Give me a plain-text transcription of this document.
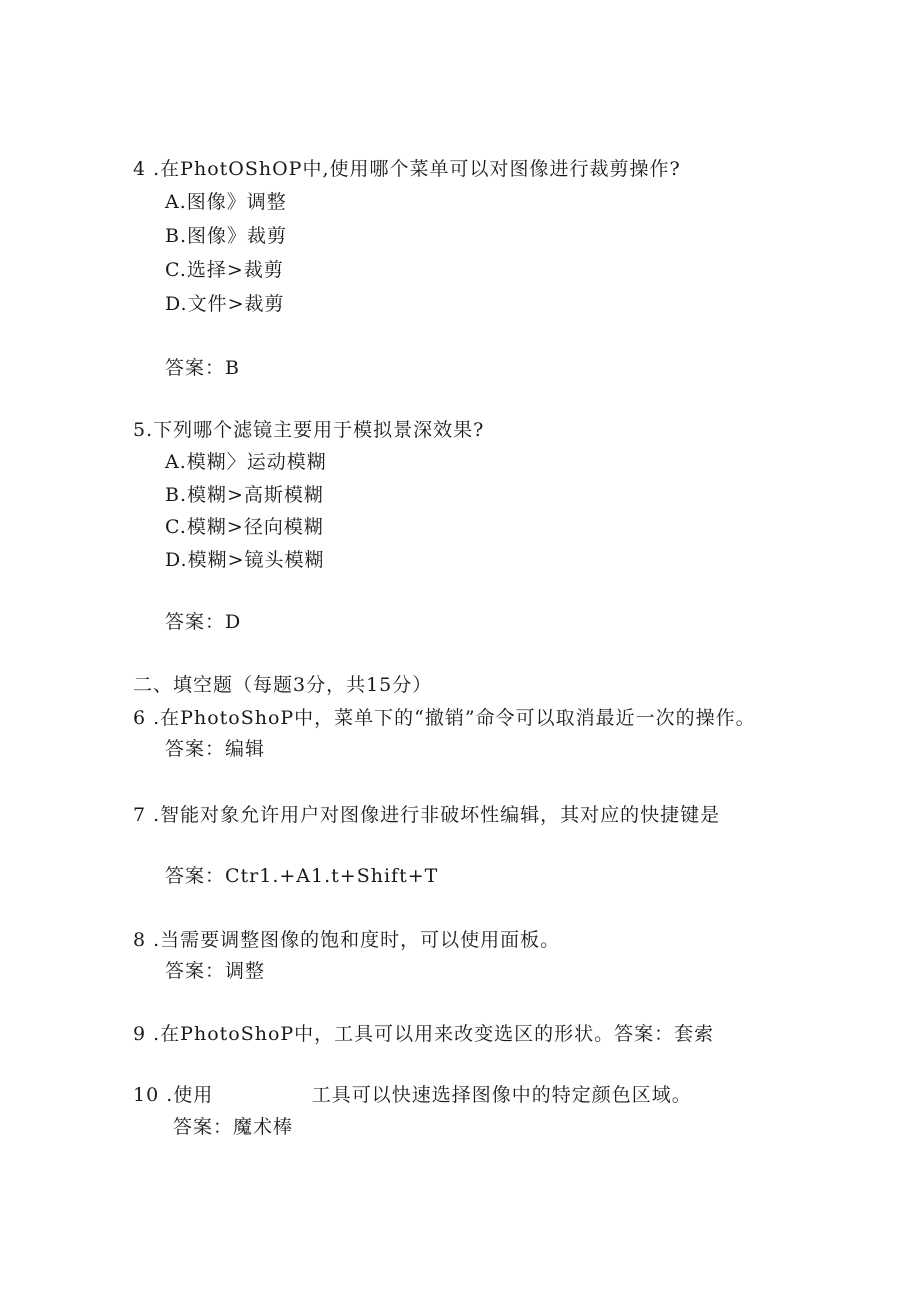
4 .在PhotOShOP中,使用哪个菜单可以对图像进行裁剪操作?
A.图像》调整
B.图像》裁剪
C.选择>裁剪
D.文件>裁剪
答案：B
5.下列哪个滤镜主要用于模拟景深效果?
A.模糊〉运动模糊
B.模糊>高斯模糊
C.模糊>径向模糊
D.模糊>镜头模糊
答案：D
二、填空题（每题3分，共15分）
6 .在PhotoShoP中，菜单下的“撤销”命令可以取消最近一次的操作。
答案：编辑
7 .智能对象允许用户对图像进行非破坏性编辑，其对应的快捷键是
答案：Ctr1.+A1.t+Shift+T
8 .当需要调整图像的饱和度时，可以使用面板。
答案：调整
9 .在PhotoShoP中，工具可以用来改变选区的形状。答案：套索
10 .使用              工具可以快速选择图像中的特定颜色区域。
答案：魔术棒
